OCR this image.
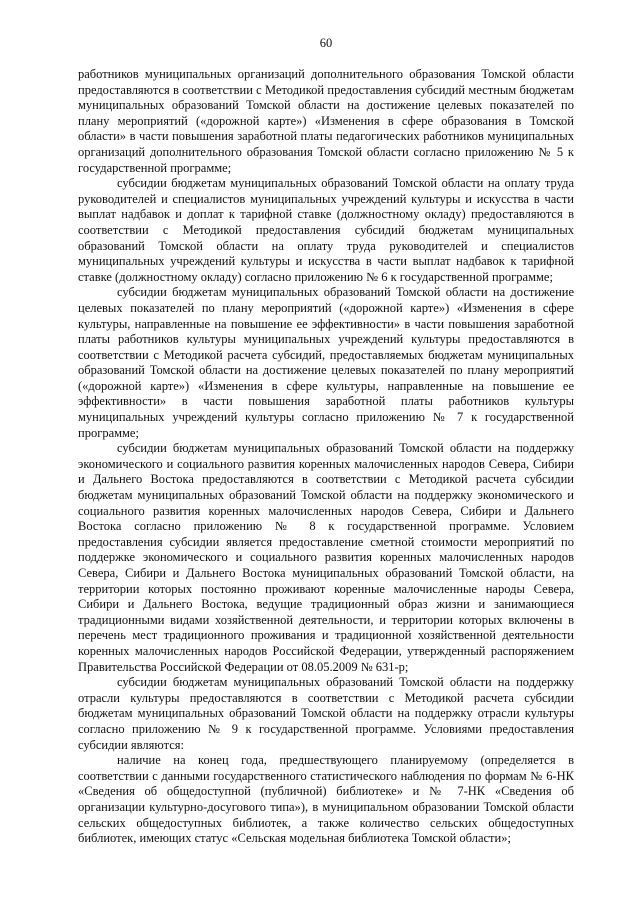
60

работников муниципальных организаций дополнительного образования Томской области предоставляются в соответствии с Методикой предоставления субсидий местным бюджетам муниципальных образований Томской области на достижение целевых показателей по плану мероприятий («дорожной карте») «Изменения в сфере образования в Томской области» в части повышения заработной платы педагогических работников муниципальных организаций дополнительного образования Томской области согласно приложению № 5 к государственной программе;

субсидии бюджетам муниципальных образований Томской области на оплату труда руководителей и специалистов муниципальных учреждений культуры и искусства в части выплат надбавок и доплат к тарифной ставке (должностному окладу) предоставляются в соответствии с Методикой предоставления субсидий бюджетам муниципальных образований Томской области на оплату труда руководителей и специалистов муниципальных учреждений культуры и искусства в части выплат надбавок к тарифной ставке (должностному окладу) согласно приложению № 6 к государственной программе;

субсидии бюджетам муниципальных образований Томской области на достижение целевых показателей по плану мероприятий («дорожной карте») «Изменения в сфере культуры, направленные на повышение ее эффективности» в части повышения заработной платы работников культуры муниципальных учреждений культуры предоставляются в соответствии с Методикой расчета субсидий, предоставляемых бюджетам муниципальных образований Томской области на достижение целевых показателей по плану мероприятий («дорожной карте») «Изменения в сфере культуры, направленные на повышение ее эффективности» в части повышения заработной платы работников культуры муниципальных учреждений культуры согласно приложению № 7 к государственной программе;

субсидии бюджетам муниципальных образований Томской области на поддержку экономического и социального развития коренных малочисленных народов Севера, Сибири и Дальнего Востока предоставляются в соответствии с Методикой расчета субсидии бюджетам муниципальных образований Томской области на поддержку экономического и социального развития коренных малочисленных народов Севера, Сибири и Дальнего Востока согласно приложению № 8 к государственной программе. Условием предоставления субсидии является предоставление сметной стоимости мероприятий по поддержке экономического и социального развития коренных малочисленных народов Севера, Сибири и Дальнего Востока муниципальных образований Томской области, на территории которых постоянно проживают коренные малочисленные народы Севера, Сибири и Дальнего Востока, ведущие традиционный образ жизни и занимающиеся традиционными видами хозяйственной деятельности, и территории которых включены в перечень мест традиционного проживания и традиционной хозяйственной деятельности коренных малочисленных народов Российской Федерации, утвержденный распоряжением Правительства Российской Федерации от 08.05.2009 № 631-р;

субсидии бюджетам муниципальных образований Томской области на поддержку отрасли культуры предоставляются в соответствии с Методикой расчета субсидии бюджетам муниципальных образований Томской области на поддержку отрасли культуры согласно приложению № 9 к государственной программе. Условиями предоставления субсидии являются:

наличие на конец года, предшествующего планируемому (определяется в соответствии с данными государственного статистического наблюдения по формам № 6-НК «Сведения об общедоступной (публичной) библиотеке» и № 7-НК «Сведения об организации культурно-досугового типа»), в муниципальном образовании Томской области сельских общедоступных библиотек, а также количество сельских общедоступных библиотек, имеющих статус «Сельская модельная библиотека Томской области»;
